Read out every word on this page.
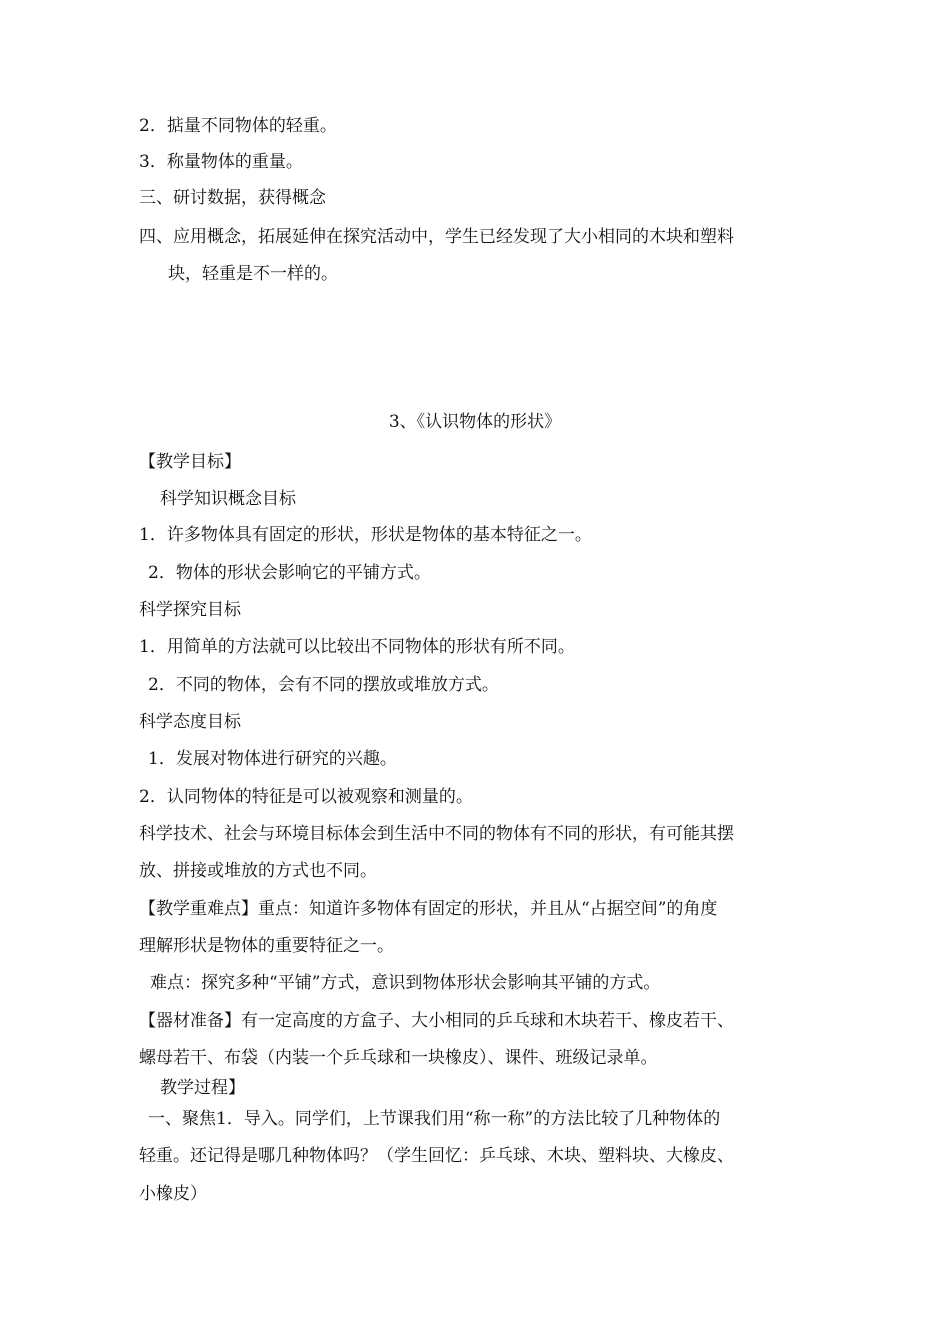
2．掂量不同物体的轻重。
3．称量物体的重量。
三、研讨数据，获得概念
四、应用概念，拓展延伸在探究活动中，学生已经发现了大小相同的木块和塑料
块，轻重是不一样的。
3、《认识物体的形状》
【教学目标】
科学知识概念目标
1．许多物体具有固定的形状，形状是物体的基本特征之一。
2．物体的形状会影响它的平铺方式。
科学探究目标
1．用简单的方法就可以比较出不同物体的形状有所不同。
2．不同的物体，会有不同的摆放或堆放方式。
科学态度目标
1．发展对物体进行研究的兴趣。
2．认同物体的特征是可以被观察和测量的。
科学技术、社会与环境目标体会到生活中不同的物体有不同的形状，有可能其摆
放、拼接或堆放的方式也不同。
【教学重难点】重点：知道许多物体有固定的形状，并且从“占据空间”的角度
理解形状是物体的重要特征之一。
难点：探究多种“平铺”方式，意识到物体形状会影响其平铺的方式。
【器材准备】有一定高度的方盒子、大小相同的乒乓球和木块若干、橡皮若干、
螺母若干、布袋（内装一个乒乓球和一块橡皮）、课件、班级记录单。
教学过程】
一、聚焦1．导入。同学们，上节课我们用“称一称”的方法比较了几种物体的
轻重。还记得是哪几种物体吗？（学生回忆：乒乓球、木块、塑料块、大橡皮、
小橡皮）
